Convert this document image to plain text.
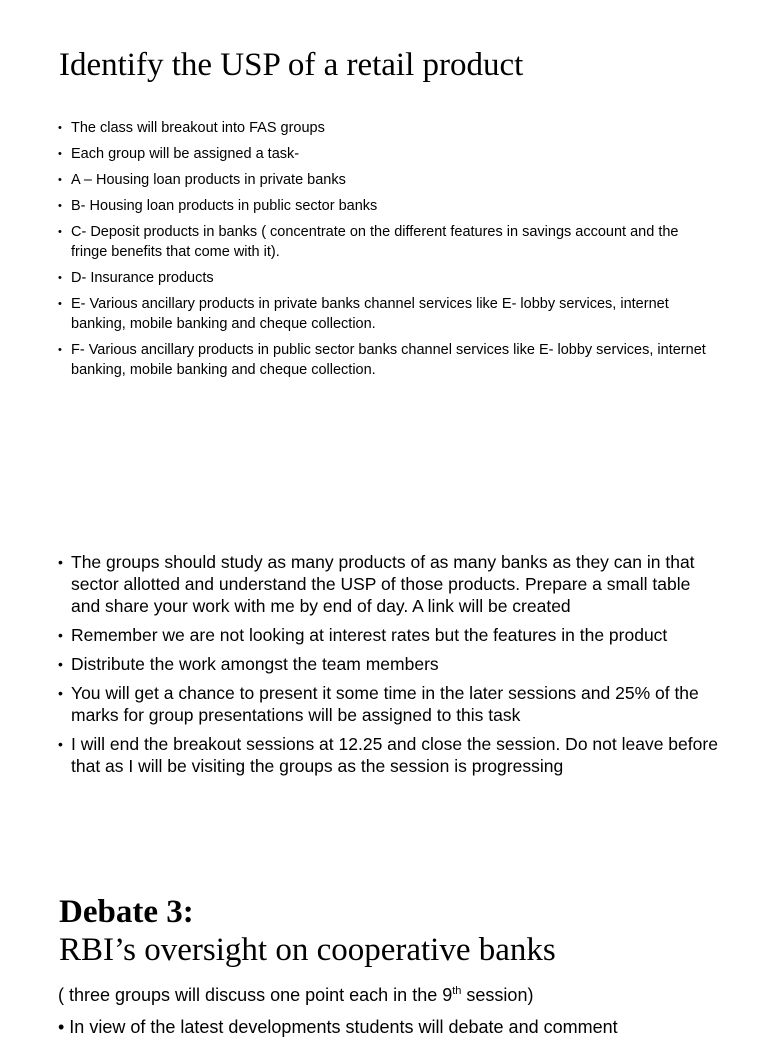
Identify the USP of a retail product
• The class will breakout into FAS groups
• Each group will be assigned a task-
• A – Housing loan products in private banks
• B- Housing loan products in public sector banks
• C- Deposit products in banks ( concentrate on the different features in savings account and the fringe benefits that come with it).
• D- Insurance products
• E- Various ancillary products in private banks channel services like E- lobby services, internet banking, mobile banking and cheque collection.
• F- Various ancillary products in public sector banks channel services like E- lobby services, internet banking, mobile banking and cheque collection.
• The groups should study as many products of as many banks as they can in that sector allotted and understand the USP of those products. Prepare a small table and share your work with me by end of day. A link will be created
• Remember we are not looking at interest rates but the features in the product
• Distribute the work amongst the team members
• You will get a chance to present it some time in the later sessions and 25% of the marks for group presentations will be assigned to this task
• I will end the breakout sessions at 12.25 and close the session. Do not leave before that as I will be visiting the groups as the session is progressing
Debate 3:
RBI’s oversight on cooperative banks
( three groups will discuss one point each in the 9th session)
• In view of the latest developments students will debate and comment
